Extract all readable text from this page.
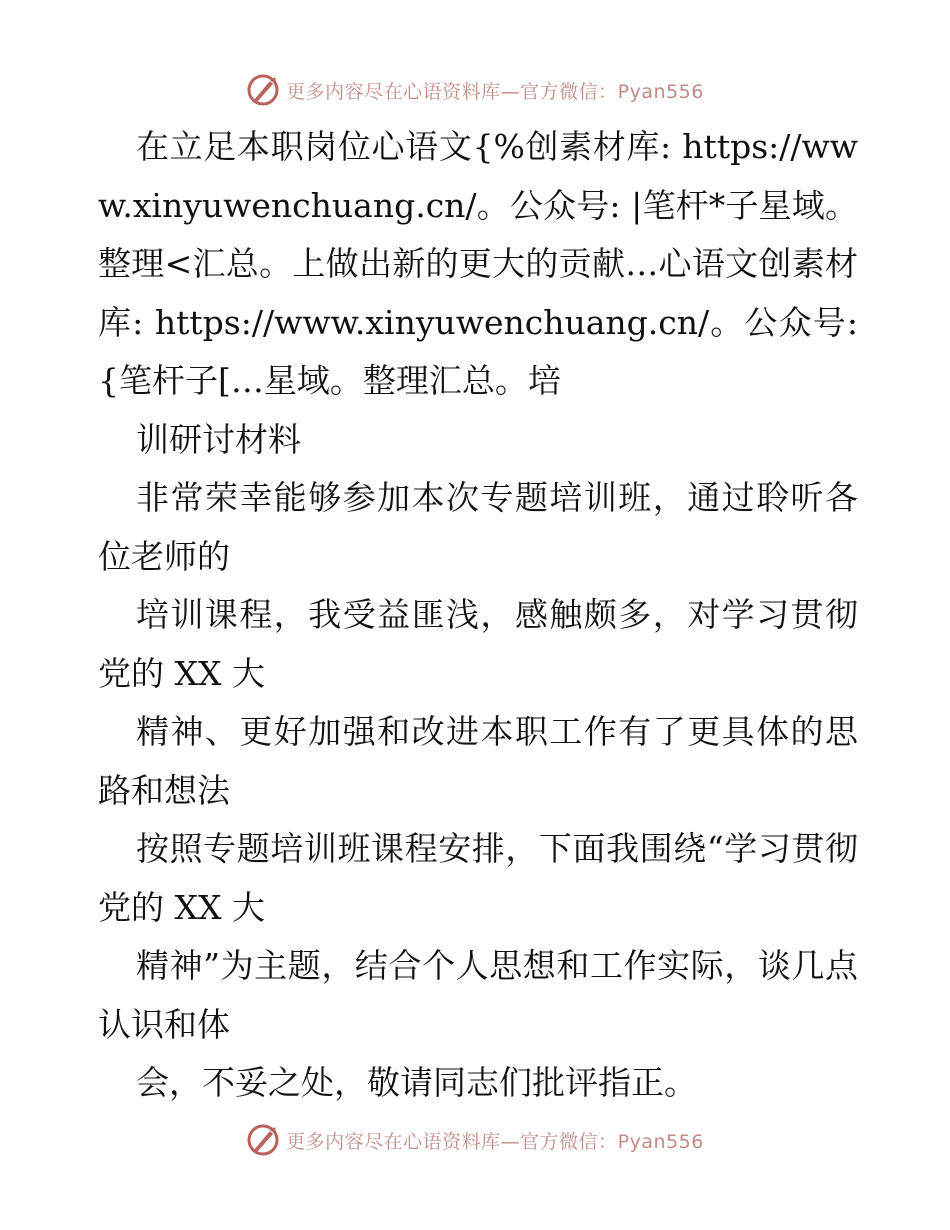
更多内容尽在心语资料库—官方微信：Pyan556

在立足本职岗位心语文{%创素材库: https://www.xinyuwenchuang.cn/。公众号: |笔杆*子星域。整理<汇总。上做出新的更大的贡献…心语文创素材库: https://www.xinyuwenchuang.cn/。公众号: {笔杆子[…星域。整理汇总。培

训研讨材料

非常荣幸能够参加本次专题培训班，通过聆听各位老师的

培训课程，我受益匪浅，感触颇多，对学习贯彻党的 XX 大

精神、更好加强和改进本职工作有了更具体的思路和想法

按照专题培训班课程安排，下面我围绕“学习贯彻党的 XX 大

精神”为主题，结合个人思想和工作实际，谈几点认识和体

会，不妥之处，敬请同志们批评指正。

更多内容尽在心语资料库—官方微信：Pyan556
